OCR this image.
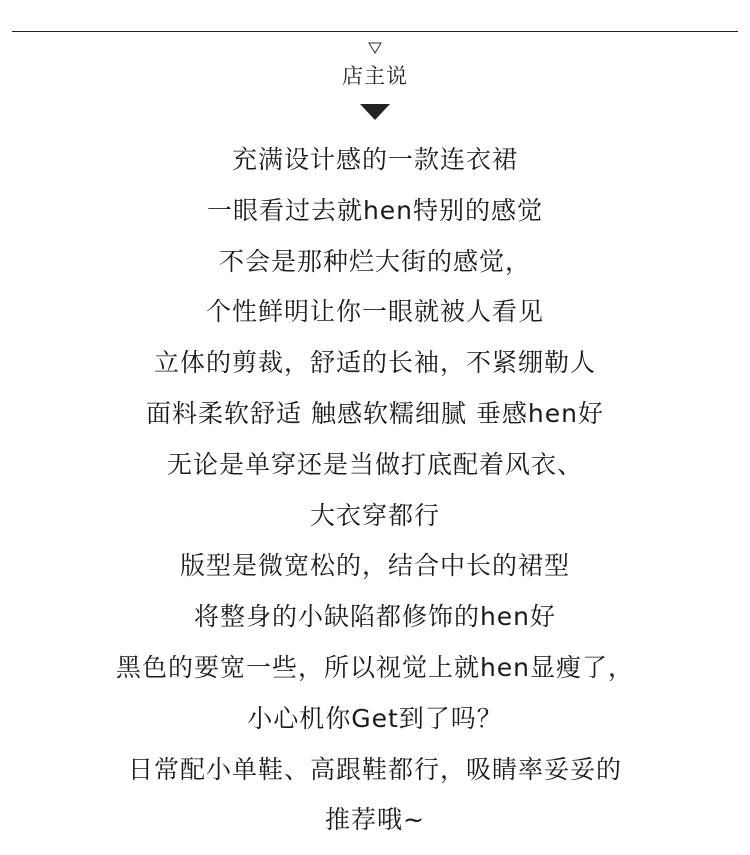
店主说
充满设计感的一款连衣裙
一眼看过去就hen特别的感觉
不会是那种烂大街的感觉，
个性鲜明让你一眼就被人看见
立体的剪裁，舒适的长袖，不紧绷勒人
面料柔软舒适 触感软糯细腻 垂感hen好
无论是单穿还是当做打底配着风衣、
大衣穿都行
版型是微宽松的，结合中长的裙型
将整身的小缺陷都修饰的hen好
黑色的要宽一些，所以视觉上就hen显瘦了，
小心机你Get到了吗？
日常配小单鞋、高跟鞋都行，吸睛率妥妥的
推荐哦~
